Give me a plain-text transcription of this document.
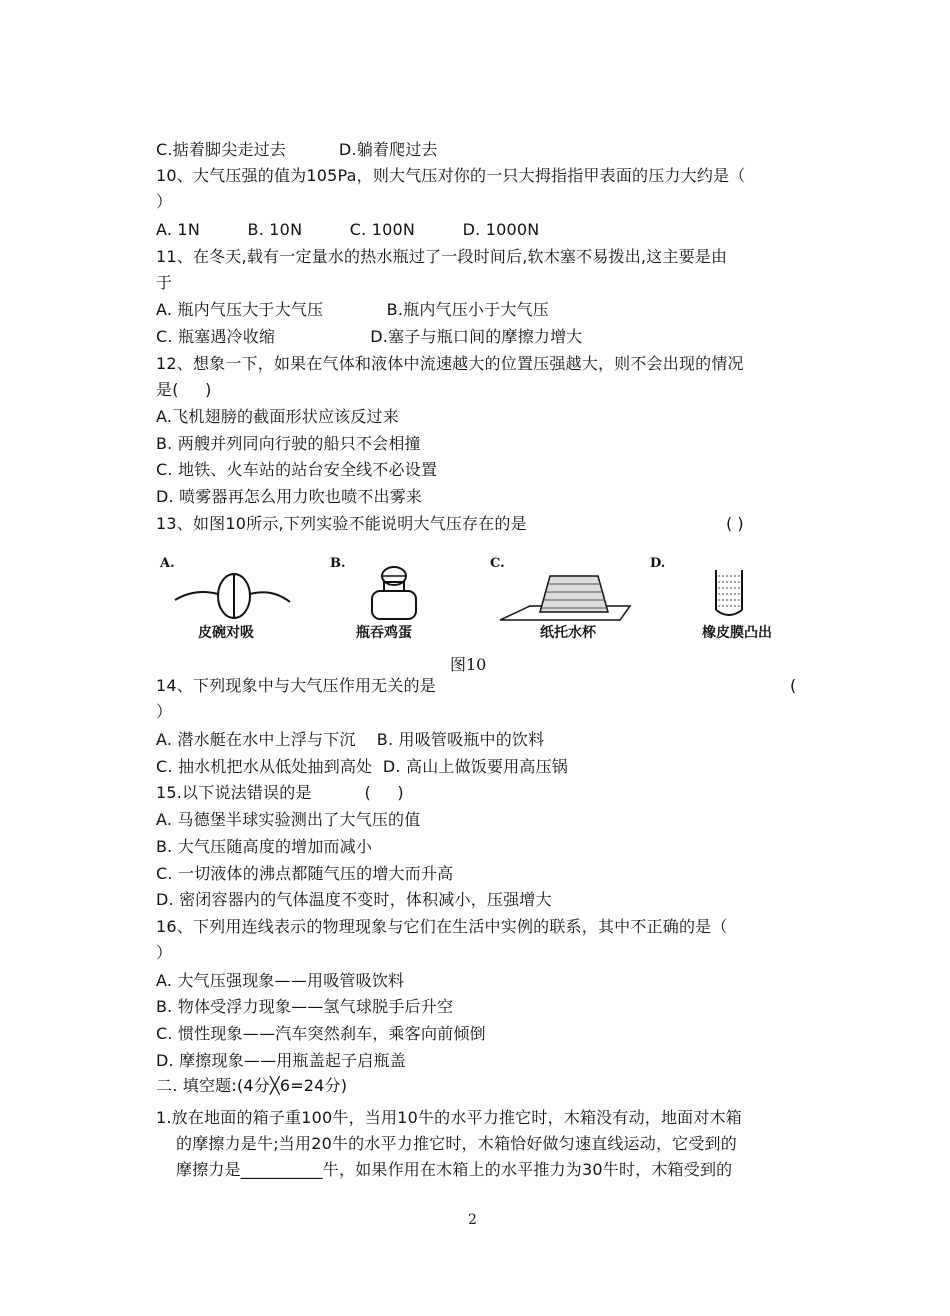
C.掂着脚尖走过去          D.躺着爬过去
10、大气压强的值为105Pa，则大气压对你的一只大拇指指甲表面的压力大约是（
）
A. 1N         B. 10N         C. 100N         D. 1000N
11、在冬天,载有一定量水的热水瓶过了一段时间后,软木塞不易拨出,这主要是由
于
A. 瓶内气压大于大气压            B.瓶内气压小于大气压
C. 瓶塞遇冷收缩                  D.塞子与瓶口间的摩擦力增大
12、想象一下，如果在气体和液体中流速越大的位置压强越大，则不会出现的情况
是(     )
A.飞机翅膀的截面形状应该反过来
B. 两艘并列同向行驶的船只不会相撞
C. 地铁、火车站的站台安全线不必设置
D. 喷雾器再怎么用力吹也喷不出雾来
13、如图10所示,下列实验不能说明大气压存在的是	( )
A.	B.	C.	D.
皮碗对吸	瓶吞鸡蛋	纸托水杯	橡皮膜凸出
图10
14、下列现象中与大气压作用无关的是	(
）
A. 潜水艇在水中上浮与下沉    B. 用吸管吸瓶中的饮料
C. 抽水机把水从低处抽到高处  D. 高山上做饭要用高压锅
15.以下说法错误的是          (     )
A. 马德堡半球实验测出了大气压的值
B. 大气压随高度的增加而减小
C. 一切液体的沸点都随气压的增大而升高
D. 密闭容器内的气体温度不变时，体积减小，压强增大
16、下列用连线表示的物理现象与它们在生活中实例的联系，其中不正确的是（
）
A. 大气压强现象——用吸管吸饮料
B. 物体受浮力现象——氢气球脱手后升空
C. 惯性现象——汽车突然刹车，乘客向前倾倒
D. 摩擦现象——用瓶盖起子启瓶盖
二. 填空题:(4分╳6=24分)
1.放在地面的箱子重100牛，当用10牛的水平力推它时，木箱没有动，地面对木箱
的摩擦力是牛;当用20牛的水平力推它时，木箱恰好做匀速直线运动，它受到的
摩擦力是__________牛，如果作用在木箱上的水平推力为30牛时，木箱受到的
2
